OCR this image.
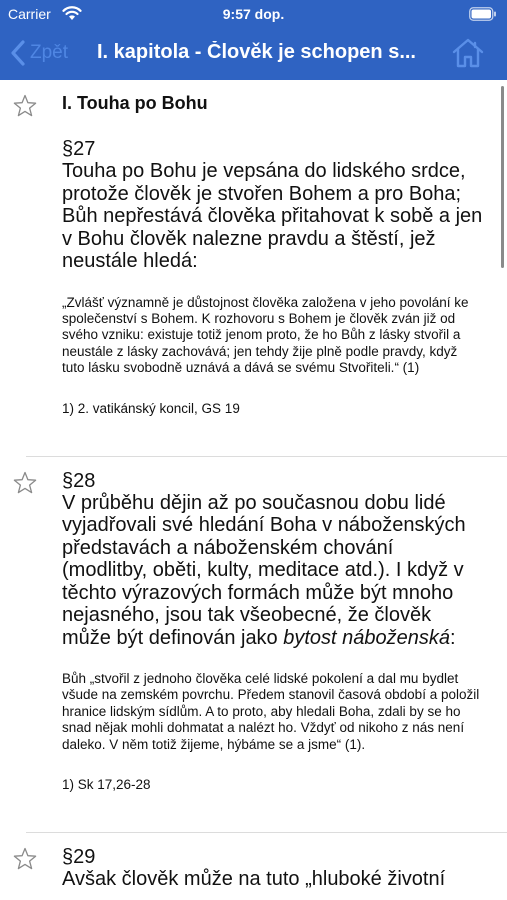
Carrier	9:57 dop.
Zpět I. kapitola - Člověk je schopen s...
I. Touha po Bohu
§27
Touha po Bohu je vepsána do lidského srdce, protože člověk je stvořen Bohem a pro Boha; Bůh nepřestává člověka přitahovat k sobě a jen v Bohu člověk nalezne pravdu a štěstí, jež neustále hledá:
„Zvlášť významně je důstojnost člověka založena v jeho povolání ke společenství s Bohem. K rozhovoru s Bohem je člověk zván již od svého vzniku: existuje totiž jenom proto, že ho Bůh z lásky stvořil a neustále z lásky zachovává; jen tehdy žije plně podle pravdy, když tuto lásku svobodně uznává a dává se svému Stvořiteli.“ (1)
1) 2. vatikánský koncil, GS 19
§28
V průběhu dějin až po současnou dobu lidé vyjadřovali své hledání Boha v náboženských představách a náboženském chování (modlitby, oběti, kulty, meditace atd.). I když v těchto výrazových formách může být mnoho nejasného, jsou tak všeobecné, že člověk může být definován jako bytost náboženská:
Bůh „stvořil z jednoho člověka celé lidské pokolení a dal mu bydlet všude na zemském povrchu. Předem stanovil časová období a položil hranice lidským sídlům. A to proto, aby hledali Boha, zdali by se ho snad nějak mohli dohmatat a nalézt ho. Vždyť od nikoho z nás není daleko. V něm totiž žijeme, hýbáme se a jsme“ (1).
1) Sk 17,26-28
§29
Avšak člověk může na tuto „hluboké životní
